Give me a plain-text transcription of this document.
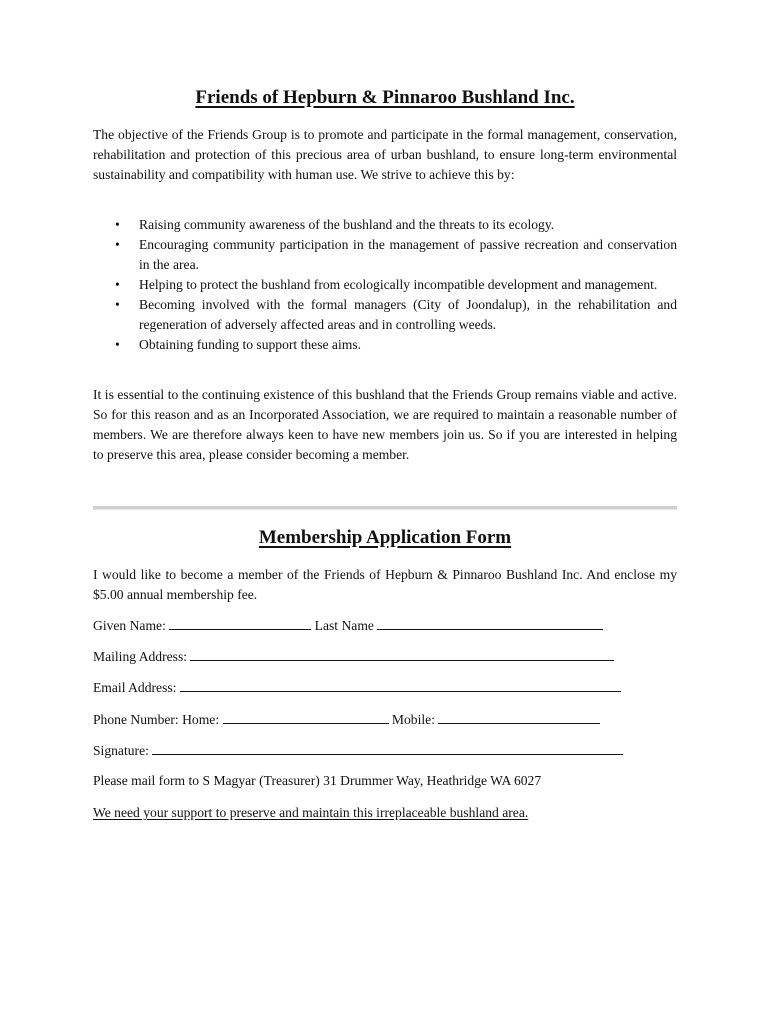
Friends of Hepburn & Pinnaroo Bushland Inc.

The objective of the Friends Group is to promote and participate in the formal management, conservation, rehabilitation and protection of this precious area of urban bushland, to ensure long-term environmental sustainability and compatibility with human use. We strive to achieve this by:

• Raising community awareness of the bushland and the threats to its ecology.
• Encouraging community participation in the management of passive recreation and conservation in the area.
• Helping to protect the bushland from ecologically incompatible development and management.
• Becoming involved with the formal managers (City of Joondalup), in the rehabilitation and regeneration of adversely affected areas and in controlling weeds.
• Obtaining funding to support these aims.

It is essential to the continuing existence of this bushland that the Friends Group remains viable and active. So for this reason and as an Incorporated Association, we are required to maintain a reasonable number of members. We are therefore always keen to have new members join us. So if you are interested in helping to preserve this area, please consider becoming a member.

Membership Application Form

I would like to become a member of the Friends of Hepburn & Pinnaroo Bushland Inc. And enclose my $5.00 annual membership fee.

Given Name:	Last Name
Mailing Address:
Email Address:
Phone Number: Home:	Mobile:
Signature:
Please mail form to S Magyar (Treasurer) 31 Drummer Way, Heathridge WA 6027
We need your support to preserve and maintain this irreplaceable bushland area.
